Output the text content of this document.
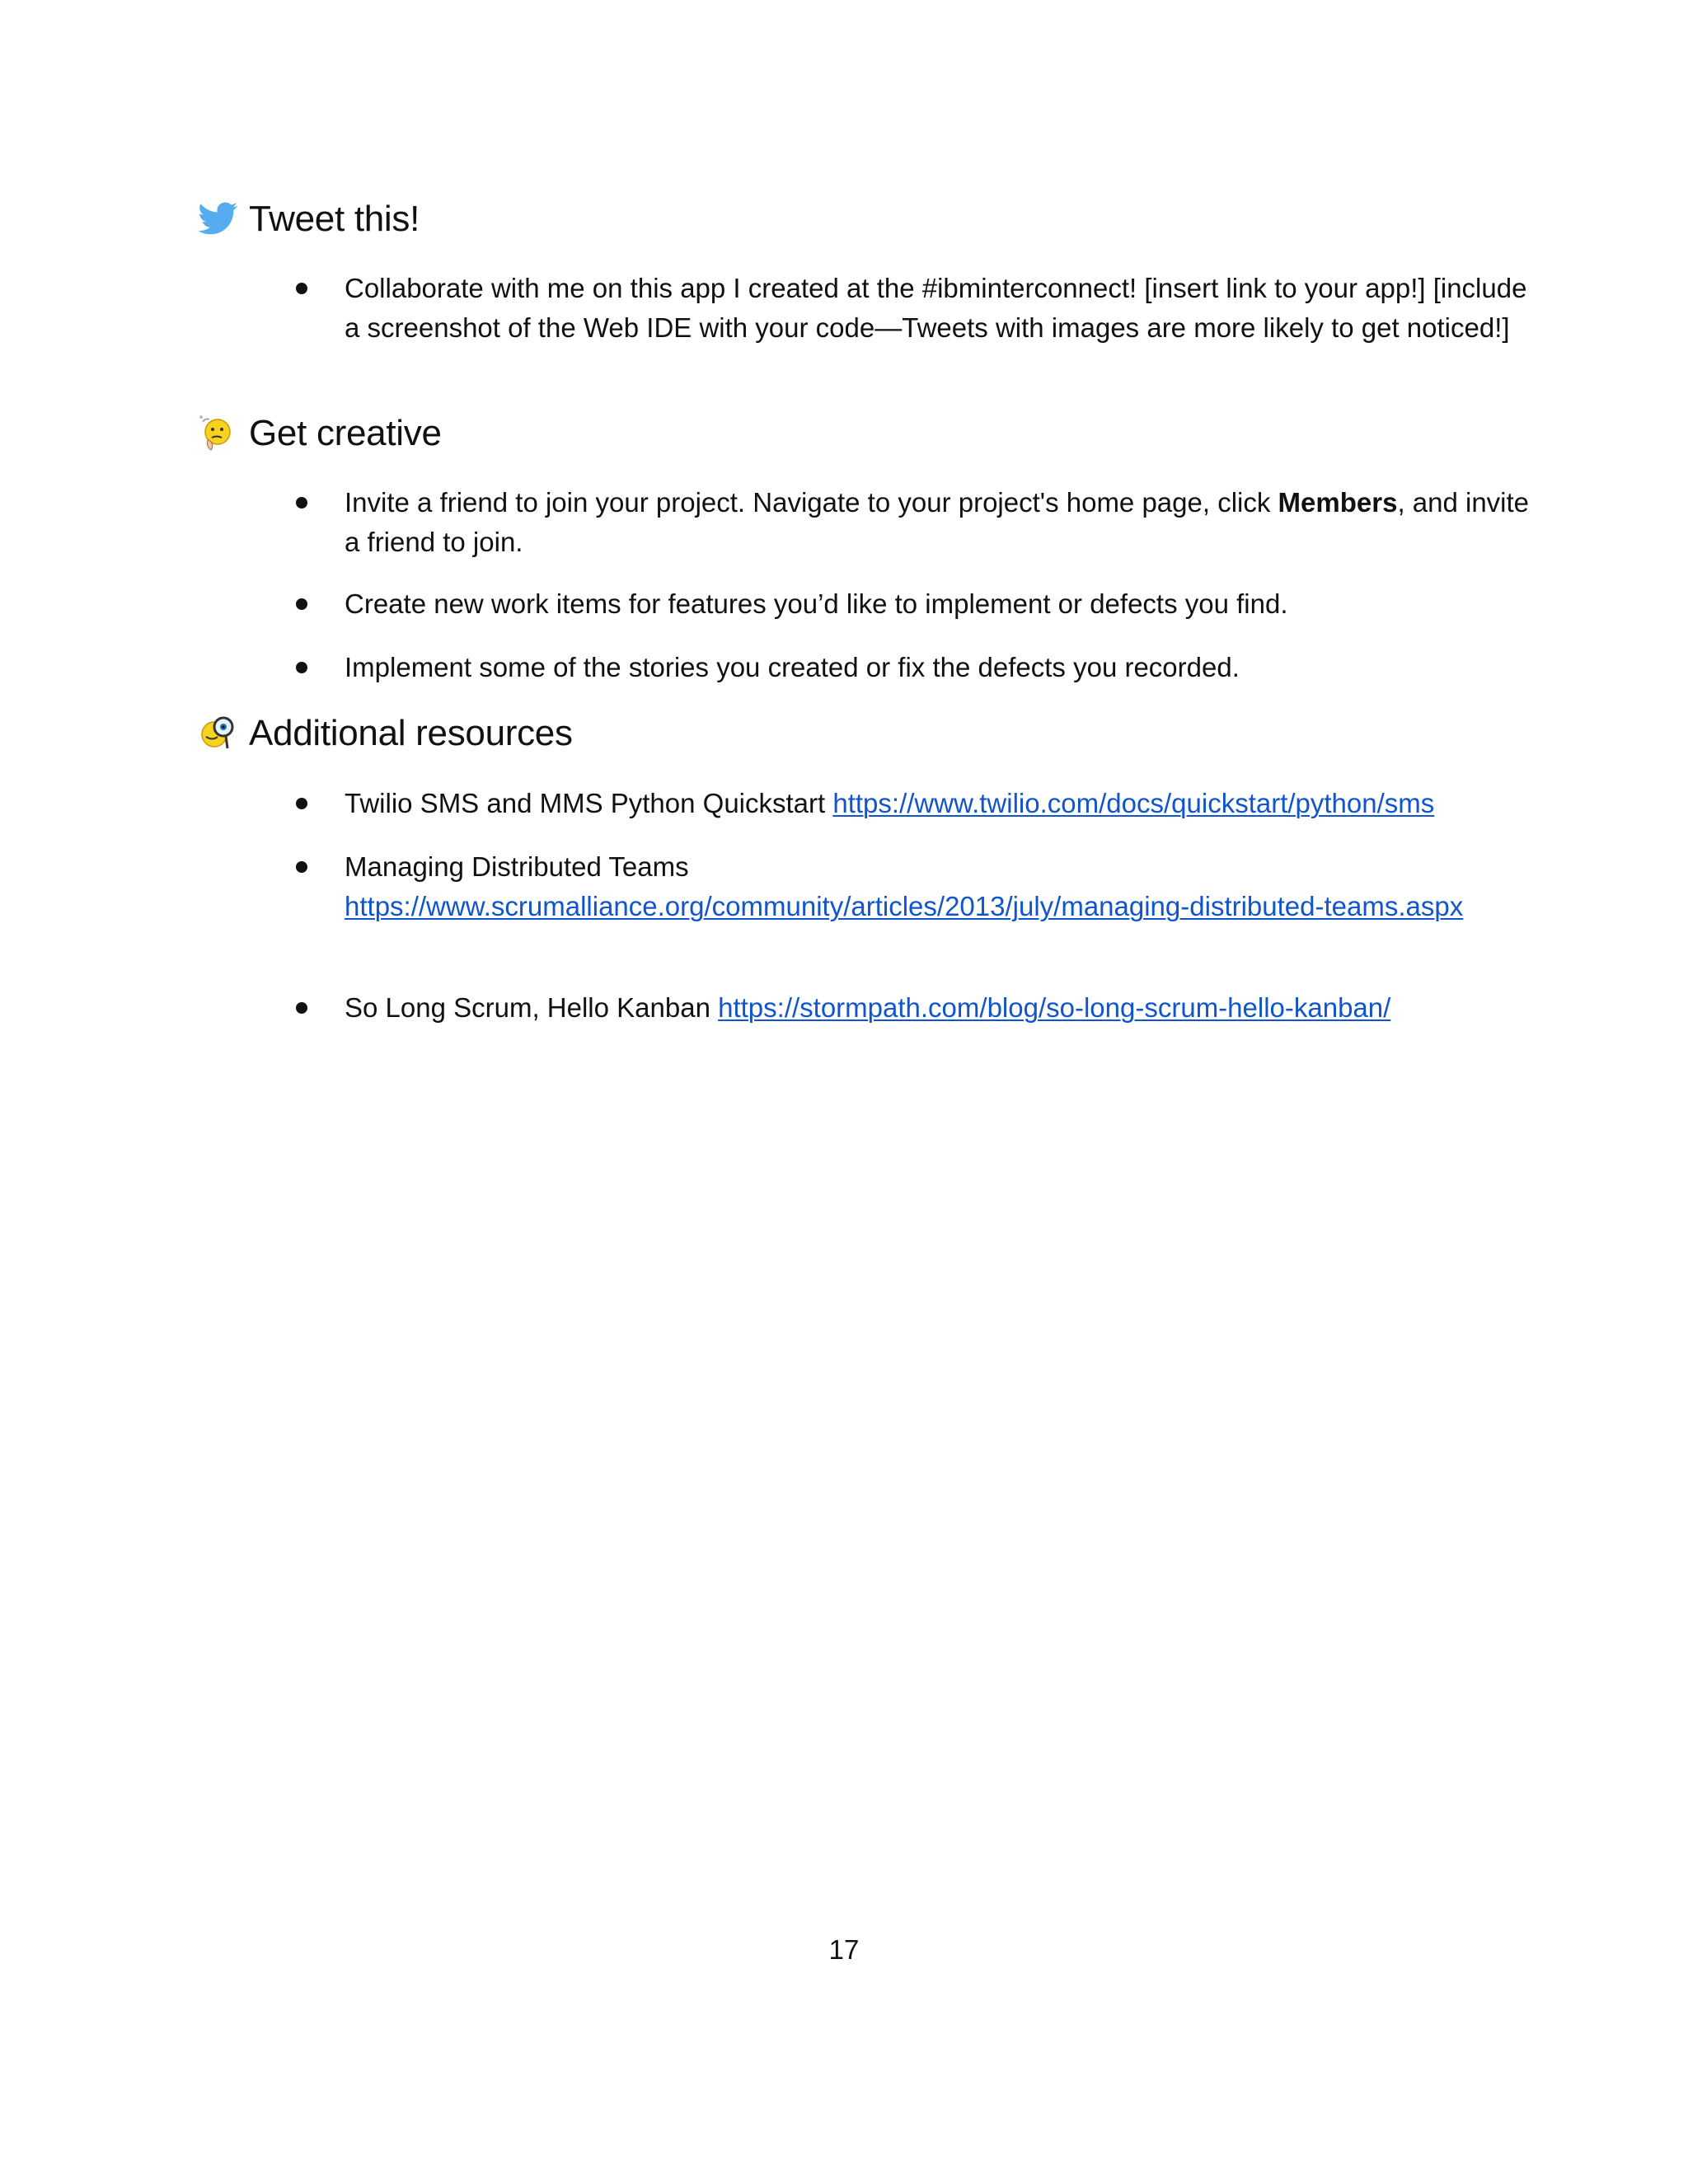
Tweet this!
Collaborate with me on this app I created at the #ibminterconnect! [insert link to your app!] [include a screenshot of the Web IDE with your code—Tweets with images are more likely to get noticed!]
Get creative
Invite a friend to join your project. Navigate to your project's home page, click Members, and invite a friend to join.
Create new work items for features you’d like to implement or defects you find.
Implement some of the stories you created or fix the defects you recorded.
Additional resources
Twilio SMS and MMS Python Quickstart https://www.twilio.com/docs/quickstart/python/sms
Managing Distributed Teams
https://www.scrumalliance.org/community/articles/2013/july/managing-distributed-teams.aspx
So Long Scrum, Hello Kanban https://stormpath.com/blog/so-long-scrum-hello-kanban/
17
